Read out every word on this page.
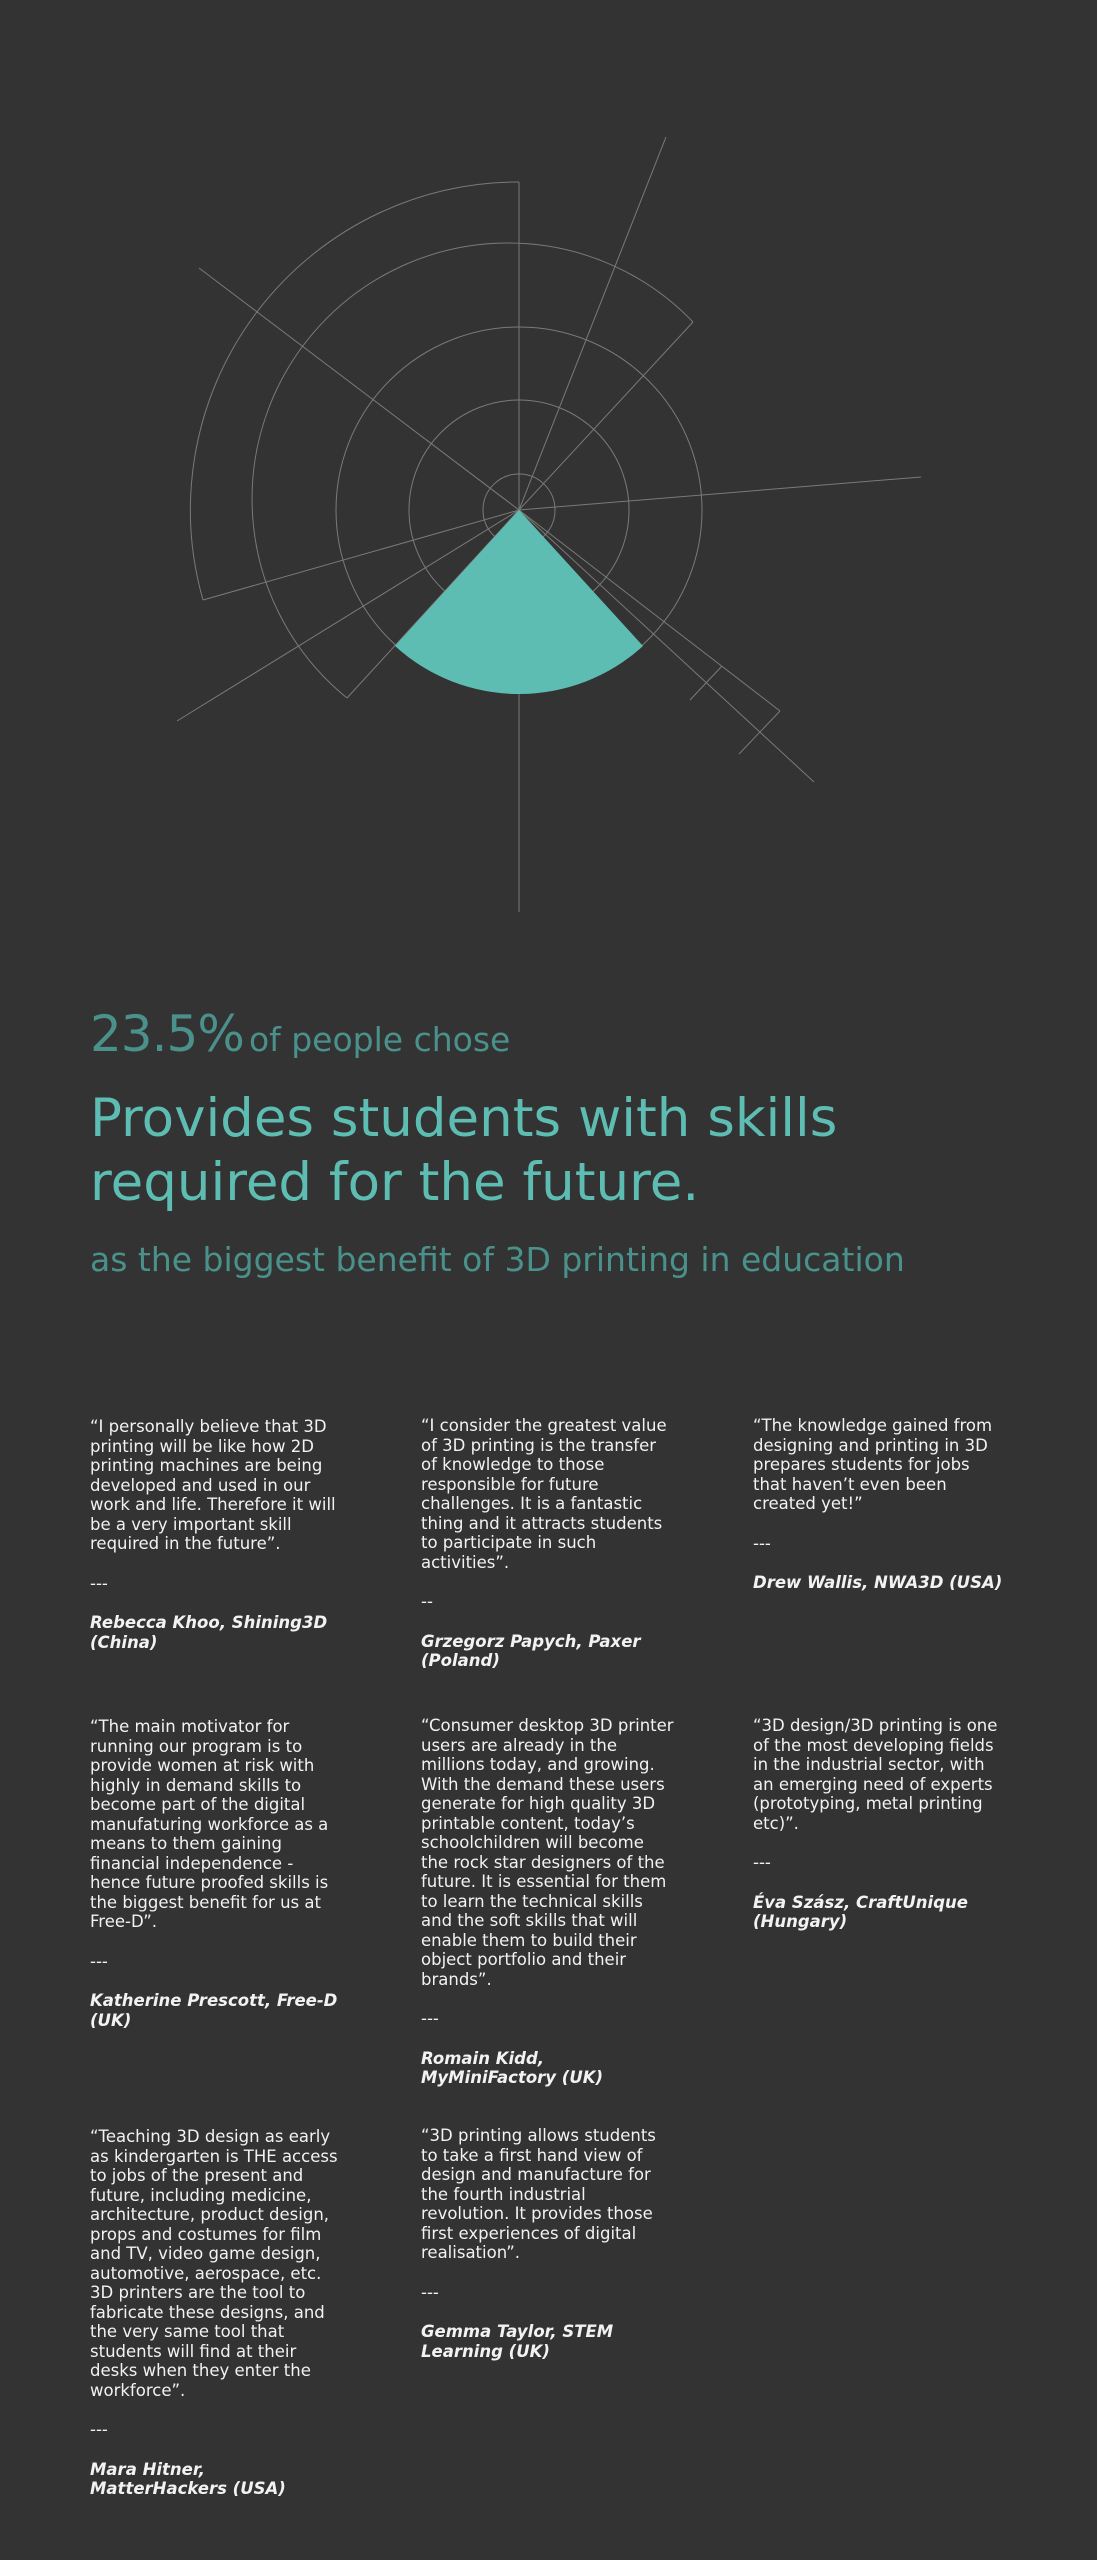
23.5% of people chose

Provides students with skills required for the future.
as the biggest benefit of 3D printing in education

“I personally believe that 3D printing will be like how 2D printing machines are being developed and used in our work and life. Therefore it will be a very important skill required in the future”.

---

Rebecca Khoo, Shining3D (China)

“I consider the greatest value of 3D printing is the transfer of knowledge to those responsible for future challenges. It is a fantastic thing and it attracts students to participate in such activities”.

--

Grzegorz Papych, Paxer (Poland)

“The knowledge gained from designing and printing in 3D prepares students for jobs that haven’t even been created yet!”

---

Drew Wallis, NWA3D (USA)

“The main motivator for running our program is to provide women at risk with highly in demand skills to become part of the digital manufaturing workforce as a means to them gaining financial independence - hence future proofed skills is the biggest benefit for us at Free-D”.

---

Katherine Prescott, Free-D (UK)

“Consumer desktop 3D printer users are already in the millions today, and growing. With the demand these users generate for high quality 3D printable content, today’s schoolchildren will become the rock star designers of the future. It is essential for them to learn the technical skills and the soft skills that will enable them to build their object portfolio and their brands”.

---

Romain Kidd, MyMiniFactory (UK)

“3D design/3D printing is one of the most developing fields in the industrial sector, with an emerging need of experts (prototyping, metal printing etc)”.

---

Éva Szász, CraftUnique (Hungary)

“Teaching 3D design as early as kindergarten is THE access to jobs of the present and future, including medicine, architecture, product design, props and costumes for film and TV, video game design, automotive, aerospace, etc. 3D printers are the tool to fabricate these designs, and the very same tool that students will find at their desks when they enter the workforce”.

---

Mara Hitner, MatterHackers (USA)

“3D printing allows students to take a first hand view of design and manufacture for the fourth industrial revolution. It provides those first experiences of digital realisation”.

---

Gemma Taylor, STEM Learning (UK)
